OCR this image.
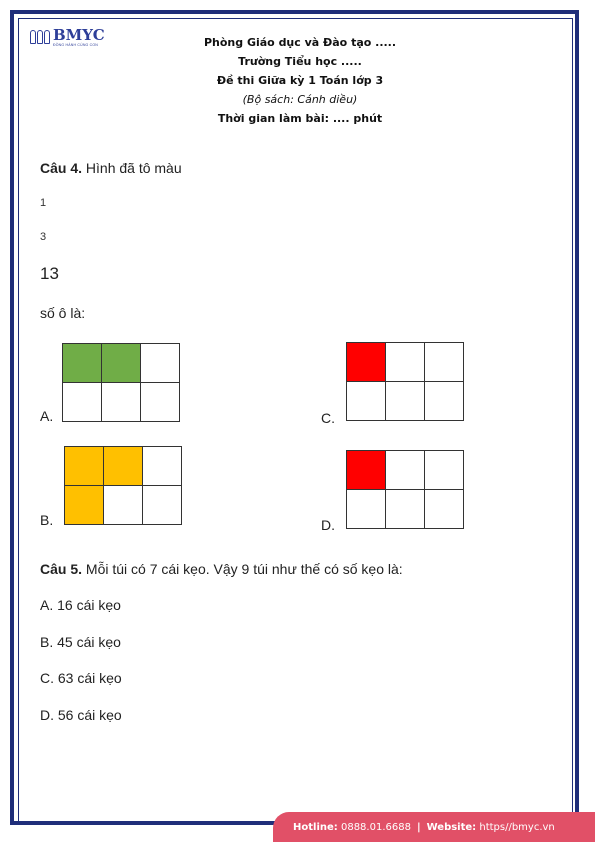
BMYC
ĐỒNG HÀNH CÙNG CON	Phòng Giáo dục và Đào tạo .....
Trường Tiểu học .....
Đề thi Giữa kỳ 1 Toán lớp 3
(Bộ sách: Cánh diều)
Thời gian làm bài: .... phút
Câu 4. Hình đã tô màu
1
3
13
số ô là:
A.
B.
C.
D.
Câu 5. Mỗi túi có 7 cái kẹo. Vậy 9 túi như thế có số kẹo là:
A. 16 cái kẹo
B. 45 cái kẹo
C. 63 cái kẹo
D. 56 cái kẹo
Hotline:
0888.01.6688 | Website:
https//bmyc.vn
